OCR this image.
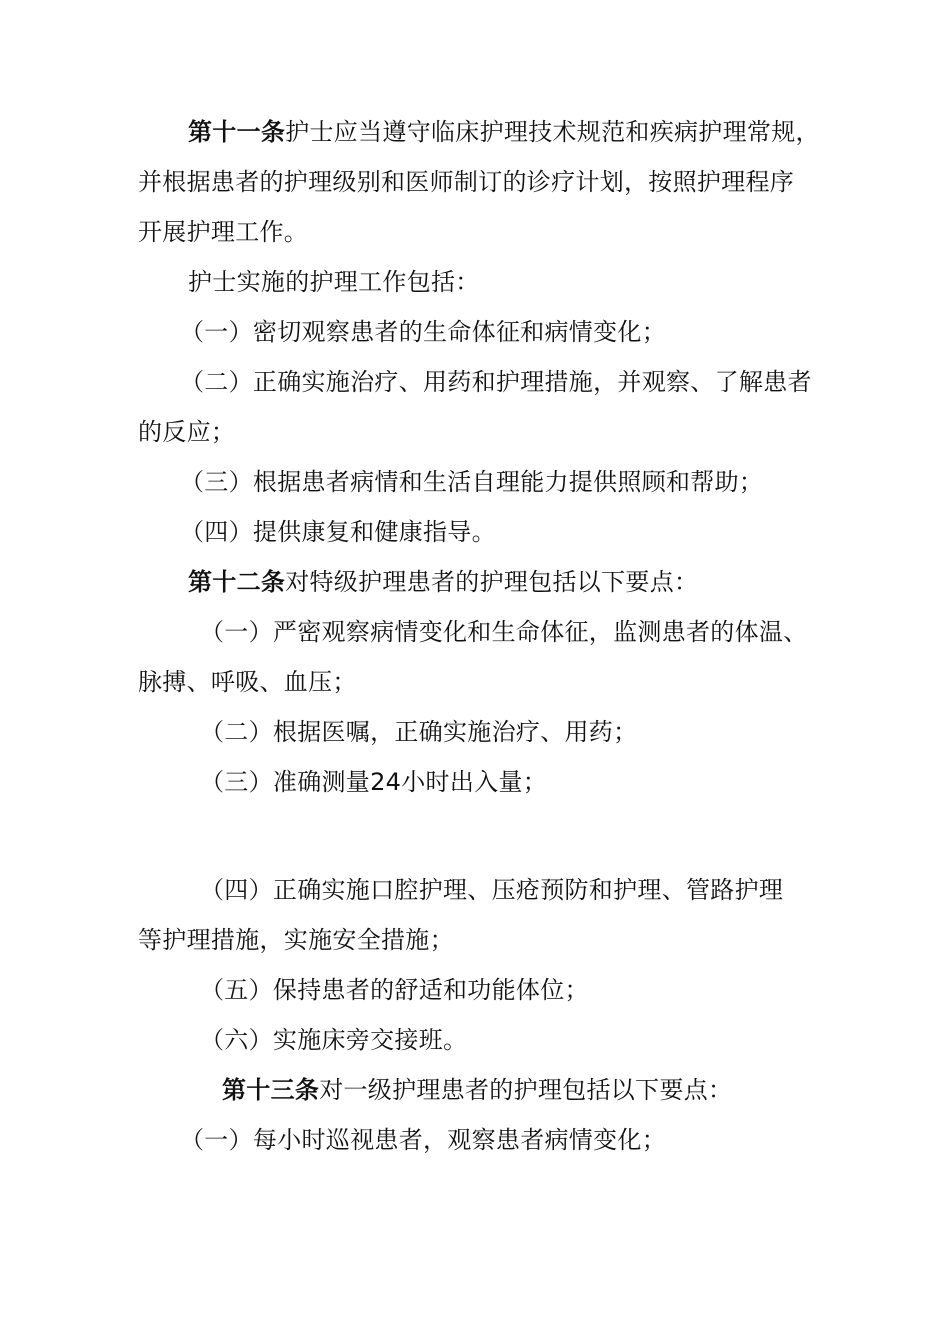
第十一条护士应当遵守临床护理技术规范和疾病护理常规，
并根据患者的护理级别和医师制订的诊疗计划，按照护理程序
开展护理工作。
护士实施的护理工作包括：
（一）密切观察患者的生命体征和病情变化；
（二）正确实施治疗、用药和护理措施，并观察、了解患者
的反应；
（三）根据患者病情和生活自理能力提供照顾和帮助；
（四）提供康复和健康指导。
第十二条对特级护理患者的护理包括以下要点：
（一）严密观察病情变化和生命体征，监测患者的体温、
脉搏、呼吸、血压；
（二）根据医嘱，正确实施治疗、用药；
（三）准确测量24小时出入量；
（四）正确实施口腔护理、压疮预防和护理、管路护理
等护理措施，实施安全措施；
（五）保持患者的舒适和功能体位；
（六）实施床旁交接班。
第十三条对一级护理患者的护理包括以下要点：
（一）每小时巡视患者，观察患者病情变化；
